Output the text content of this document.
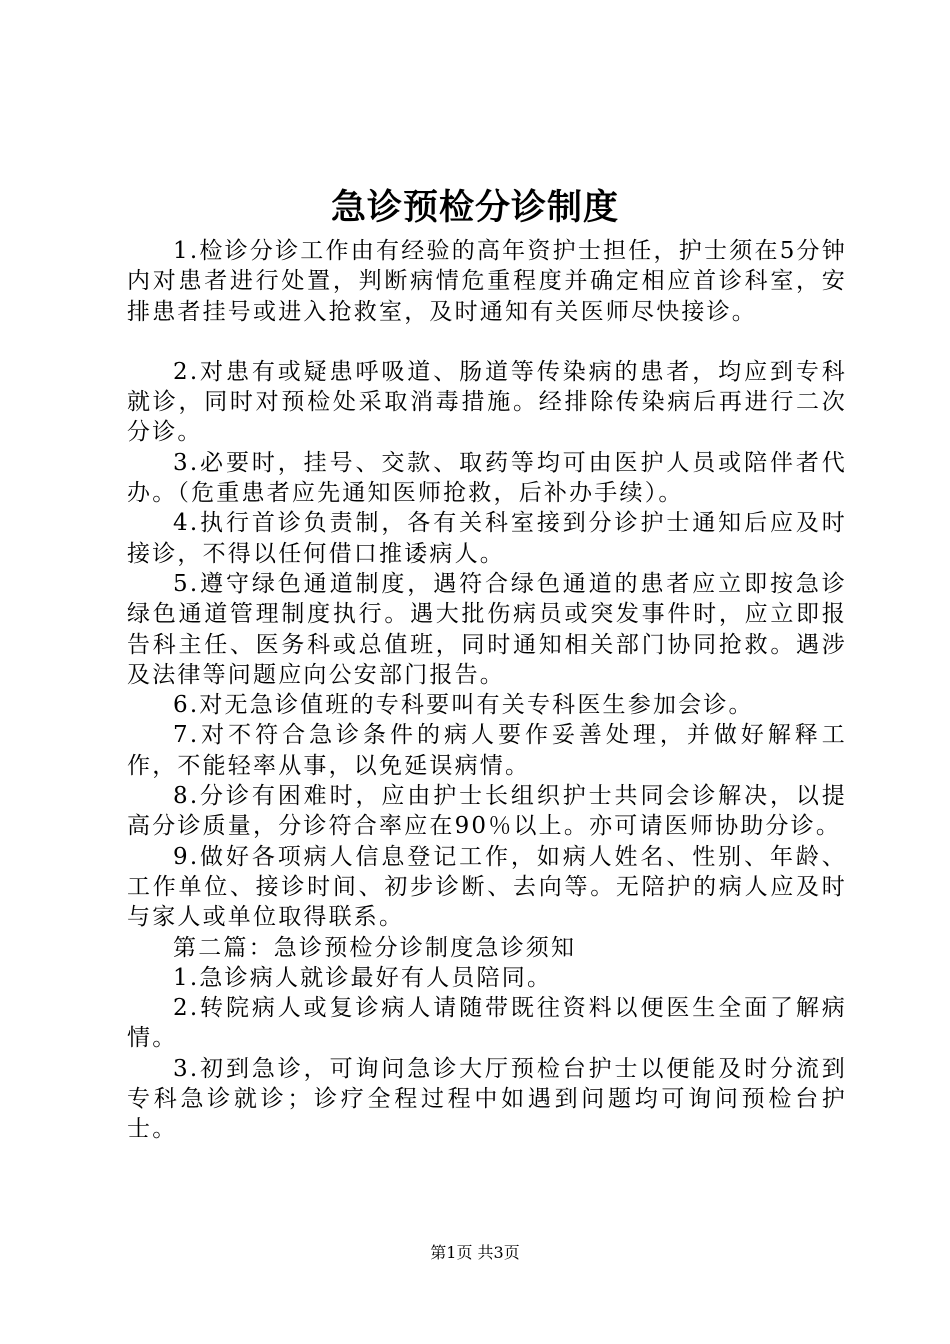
急诊预检分诊制度

1.检诊分诊工作由有经验的高年资护士担任，护士须在5分钟内对患者进行处置，判断病情危重程度并确定相应首诊科室，安排患者挂号或进入抢救室，及时通知有关医师尽快接诊。

2.对患有或疑患呼吸道、肠道等传染病的患者，均应到专科就诊，同时对预检处采取消毒措施。经排除传染病后再进行二次分诊。

3.必要时，挂号、交款、取药等均可由医护人员或陪伴者代办。（危重患者应先通知医师抢救，后补办手续）。

4.执行首诊负责制，各有关科室接到分诊护士通知后应及时接诊，不得以任何借口推诿病人。

5.遵守绿色通道制度，遇符合绿色通道的患者应立即按急诊绿色通道管理制度执行。遇大批伤病员或突发事件时，应立即报告科主任、医务科或总值班，同时通知相关部门协同抢救。遇涉及法律等问题应向公安部门报告。

6.对无急诊值班的专科要叫有关专科医生参加会诊。

7.对不符合急诊条件的病人要作妥善处理，并做好解释工作，不能轻率从事，以免延误病情。

8.分诊有困难时，应由护士长组织护士共同会诊解决，以提高分诊质量，分诊符合率应在90％以上。亦可请医师协助分诊。

9.做好各项病人信息登记工作，如病人姓名、性别、年龄、工作单位、接诊时间、初步诊断、去向等。无陪护的病人应及时与家人或单位取得联系。

第二篇：急诊预检分诊制度急诊须知

1.急诊病人就诊最好有人员陪同。

2.转院病人或复诊病人请随带既往资料以便医生全面了解病情。

3.初到急诊，可询问急诊大厅预检台护士以便能及时分流到专科急诊就诊；诊疗全程过程中如遇到问题均可询问预检台护士。

第1页 共3页
